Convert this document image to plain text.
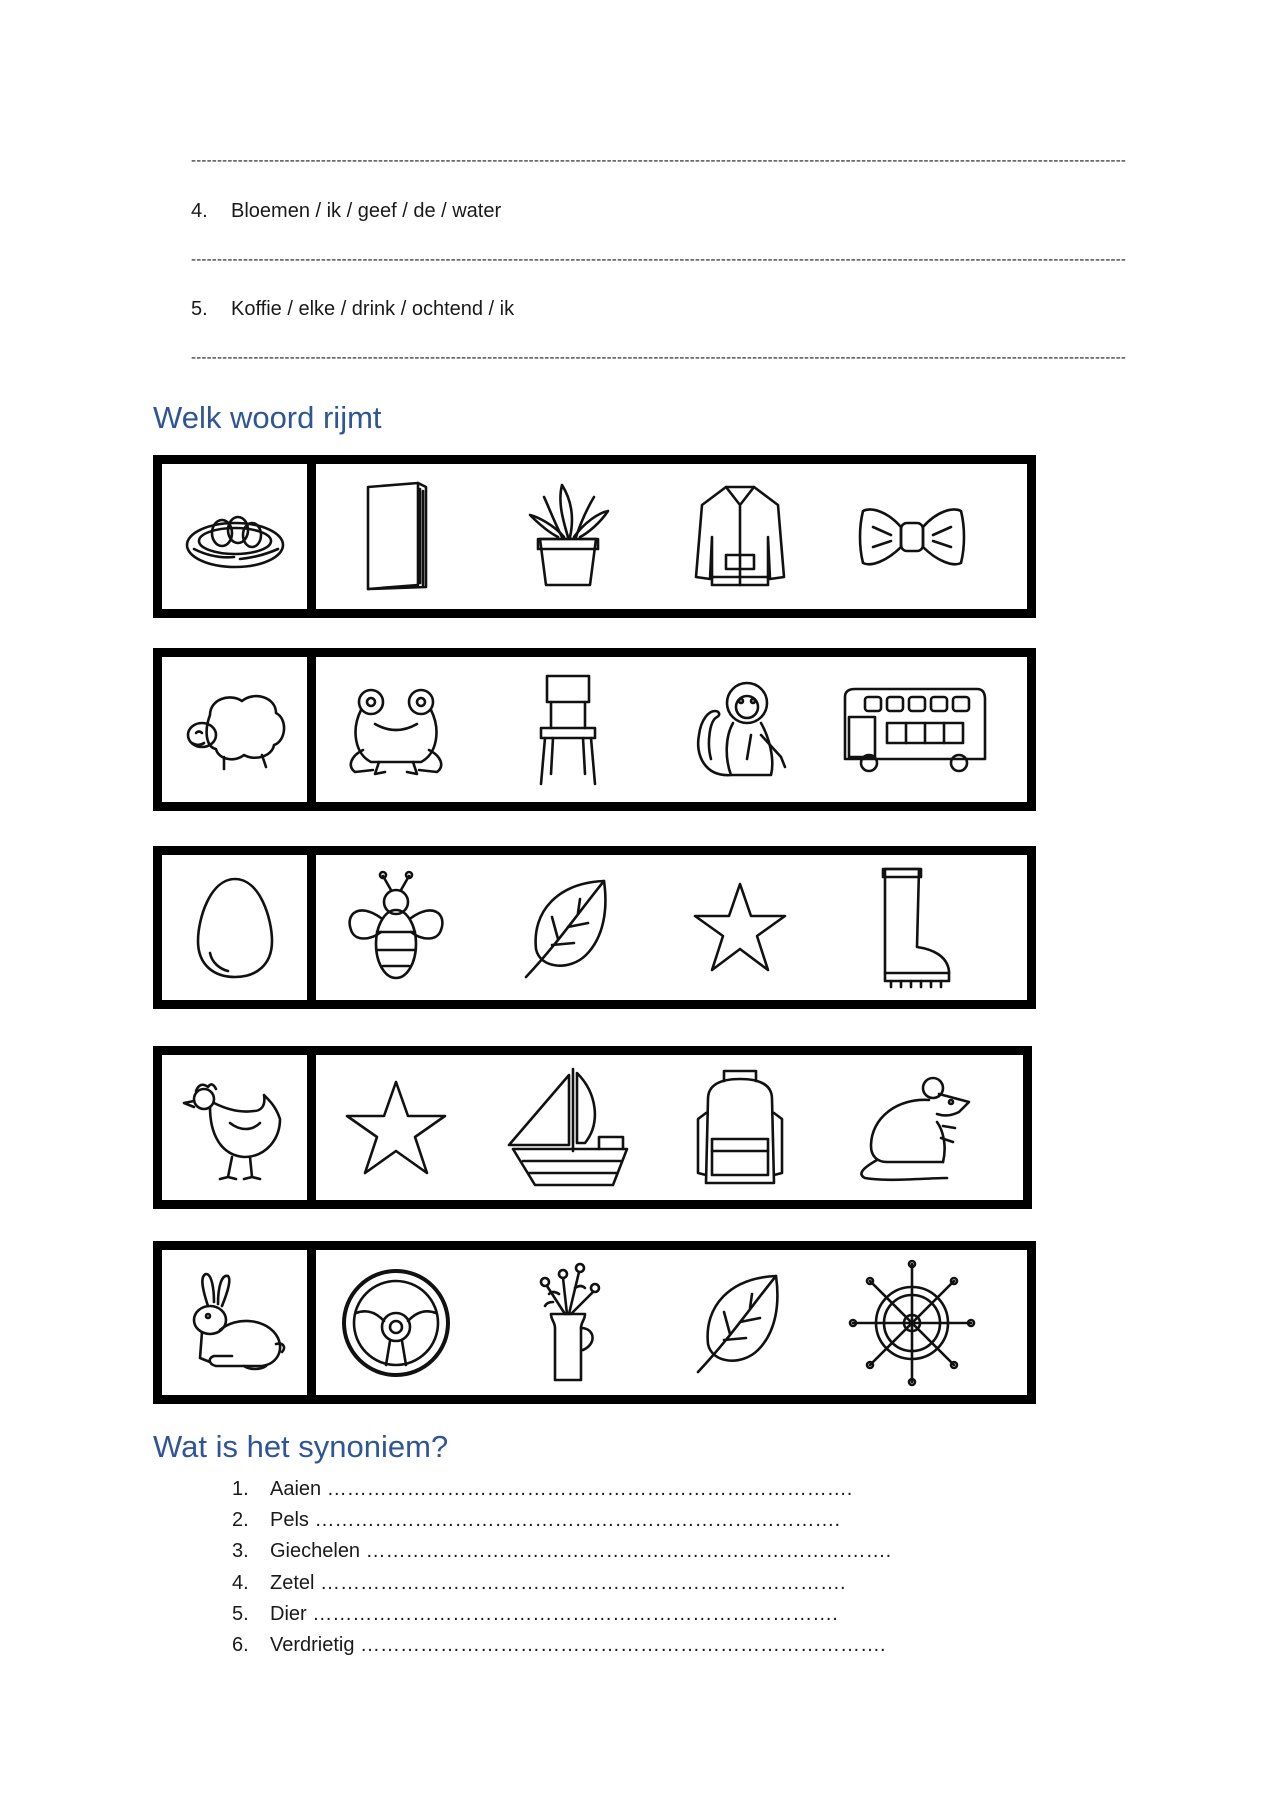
------------------------------------------------------------------------------------------------------------------------------------------------------------------------------------
4. Bloemen / ik / geef / de / water
------------------------------------------------------------------------------------------------------------------------------------------------------------------------------------
5. Koffie / elke / drink / ochtend / ik
------------------------------------------------------------------------------------------------------------------------------------------------------------------------------------
Welk woord rijmt
Wat is het synoniem?
1. Aaien …………………………………………………………………….
2. Pels …………………………………………………………………….
3. Giechelen …………………………………………………………………….
4. Zetel …………………………………………………………………….
5. Dier …………………………………………………………………….
6. Verdrietig …………………………………………………………………….
